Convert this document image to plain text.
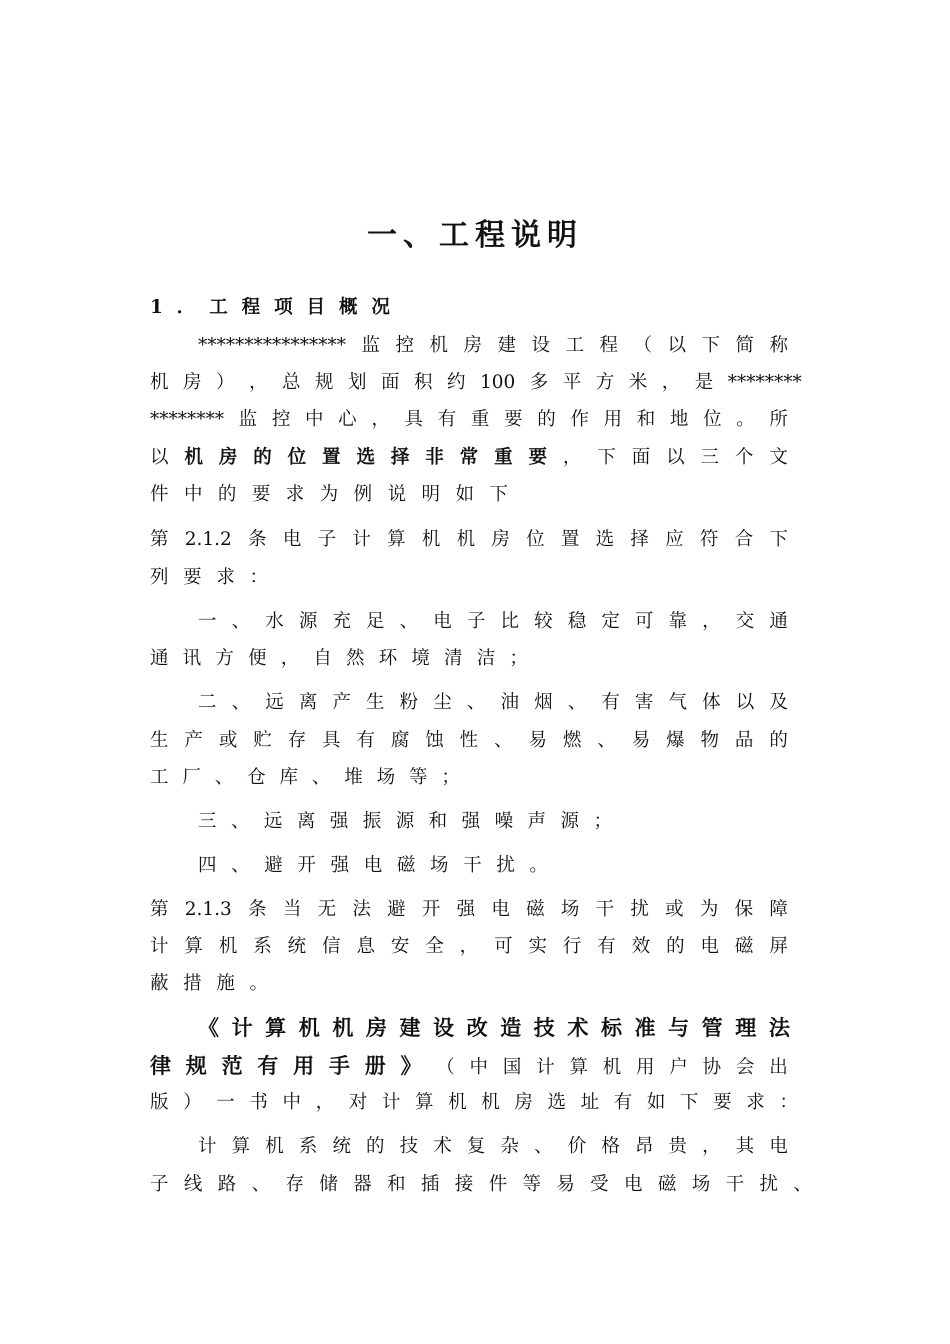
一、工程说明
1 ． 工 程 项 目 概 况
**************** 监 控 机 房 建 设 工 程 （ 以 下 简 称
机 房 ） ， 总 规 划 面 积 约 100 多 平 方 米 ， 是 ********
******** 监 控 中 心 ， 具 有 重 要 的 作 用 和 地 位 。 所
以 机 房 的 位 置 选 择 非 常 重 要 ， 下 面 以 三 个 文
件 中 的 要 求 为 例 说 明 如 下
第 2.1.2 条 电 子 计 算 机 机 房 位 置 选 择 应 符 合 下
列 要 求 ：
一 、 水 源 充 足 、 电 子 比 较 稳 定 可 靠 ， 交 通
通 讯 方 便 ， 自 然 环 境 清 洁 ；
二 、 远 离 产 生 粉 尘 、 油 烟 、 有 害 气 体 以 及
生 产 或 贮 存 具 有 腐 蚀 性 、 易 燃 、 易 爆 物 品 的
工 厂 、 仓 库 、 堆 场 等 ；
三 、 远 离 强 振 源 和 强 噪 声 源 ；
四 、 避 开 强 电 磁 场 干 扰 。
第 2.1.3 条 当 无 法 避 开 强 电 磁 场 干 扰 或 为 保 障
计 算 机 系 统 信 息 安 全 ， 可 实 行 有 效 的 电 磁 屏
蔽 措 施 。
《 计 算 机 机 房 建 设 改 造 技 术 标 准 与 管 理 法
律 规 范 有 用 手 册 》 （ 中 国 计 算 机 用 户 协 会 出
版 ） 一 书 中 ， 对 计 算 机 机 房 选 址 有 如 下 要 求 ：
计 算 机 系 统 的 技 术 复 杂 、 价 格 昂 贵 ， 其 电
子 线 路 、 存 储 器 和 插 接 件 等 易 受 电 磁 场 干 扰 、
